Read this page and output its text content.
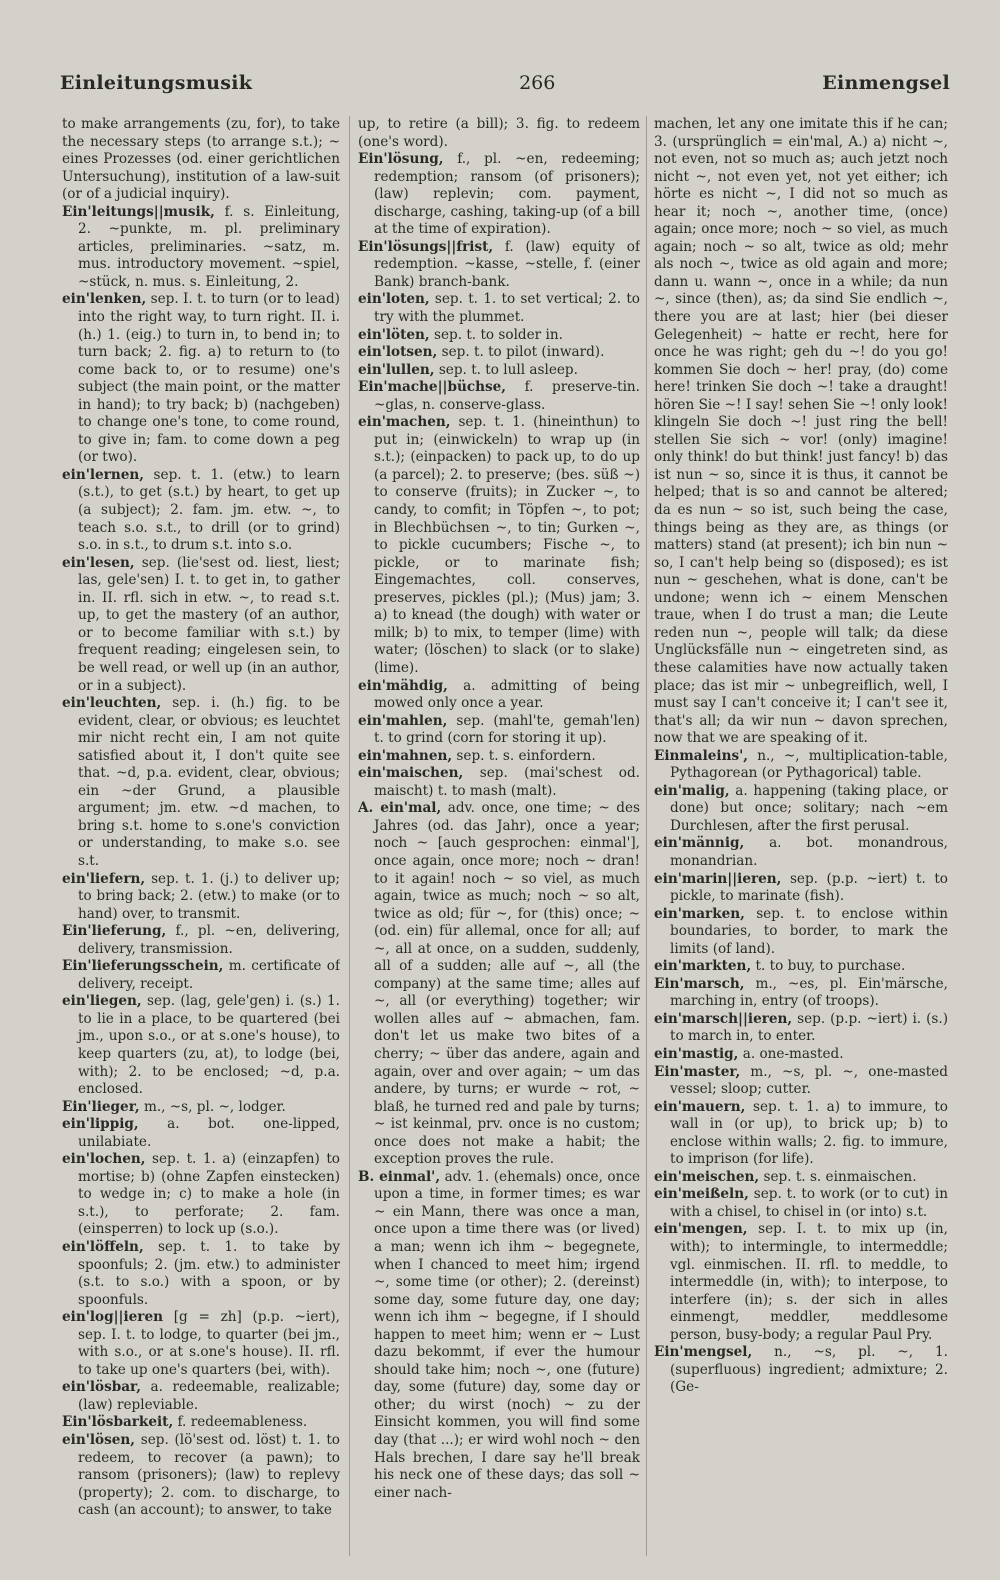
Einleitungsmusik	266	Einmengsel

to make arrangements (zu, for), to take the necessary steps (to arrange s.t.); ~ eines Prozesses (od. einer gerichtlichen Untersuchung), institution of a law-suit (or of a judicial inquiry).

Ein'leitungs||musik, f. s. Einleitung, 2. ~punkte, m. pl. preliminary articles, preliminaries. ~satz, m. mus. introductory movement. ~spiel, ~stück, n. mus. s. Einleitung, 2.

ein'lenken, sep. I. t. to turn (or to lead) into the right way, to turn right. II. i. (h.) 1. (eig.) to turn in, to bend in; to turn back; 2. fig. a) to return to (to come back to, or to resume) one's subject (the main point, or the matter in hand); to try back; b) (nachgeben) to change one's tone, to come round, to give in; fam. to come down a peg (or two).

ein'lernen, sep. t. 1. (etw.) to learn (s.t.), to get (s.t.) by heart, to get up (a subject); 2. fam. jm. etw. ~, to teach s.o. s.t., to drill (or to grind) s.o. in s.t., to drum s.t. into s.o.

ein'lesen, sep. (lie'sest od. liest, liest; las, gele'sen) I. t. to get in, to gather in. II. rfl. sich in etw. ~, to read s.t. up, to get the mastery (of an author, or to become familiar with s.t.) by frequent reading; eingelesen sein, to be well read, or well up (in an author, or in a subject).

ein'leuchten, sep. i. (h.) fig. to be evident, clear, or obvious; es leuchtet mir nicht recht ein, I am not quite satisfied about it, I don't quite see that. ~d, p.a. evident, clear, obvious; ein ~der Grund, a plausible argument; jm. etw. ~d machen, to bring s.t. home to s.one's conviction or understanding, to make s.o. see s.t.

ein'liefern, sep. t. 1. (j.) to deliver up; to bring back; 2. (etw.) to make (or to hand) over, to transmit.

Ein'lieferung, f., pl. ~en, delivering, delivery, transmission.

Ein'lieferungsschein, m. certificate of delivery, receipt.

ein'liegen, sep. (lag, gele'gen) i. (s.) 1. to lie in a place, to be quartered (bei jm., upon s.o., or at s.one's house), to keep quarters (zu, at), to lodge (bei, with); 2. to be enclosed; ~d, p.a. enclosed.

Ein'lieger, m., ~s, pl. ~, lodger.

ein'lippig, a. bot. one-lipped, unilabiate.

ein'lochen, sep. t. 1. a) (einzapfen) to mortise; b) (ohne Zapfen einstecken) to wedge in; c) to make a hole (in s.t.), to perforate; 2. fam. (einsperren) to lock up (s.o.).

ein'löffeln, sep. t. 1. to take by spoonfuls; 2. (jm. etw.) to administer (s.t. to s.o.) with a spoon, or by spoonfuls.

ein'log||ieren [g = zh] (p.p. ~iert), sep. I. t. to lodge, to quarter (bei jm., with s.o., or at s.one's house). II. rfl. to take up one's quarters (bei, with).

ein'lösbar, a. redeemable, realizable; (law) repleviable.

Ein'lösbarkeit, f. redeemableness.

ein'lösen, sep. (lö'sest od. löst) t. 1. to redeem, to recover (a pawn); to ransom (prisoners); (law) to replevy (property); 2. com. to discharge, to cash (an account); to answer, to take

up, to retire (a bill); 3. fig. to redeem (one's word).

Ein'lösung, f., pl. ~en, redeeming; redemption; ransom (of prisoners); (law) replevin; com. payment, discharge, cashing, taking-up (of a bill at the time of expiration).

Ein'lösungs||frist, f. (law) equity of redemption. ~kasse, ~stelle, f. (einer Bank) branch-bank.

ein'loten, sep. t. 1. to set vertical; 2. to try with the plummet.

ein'löten, sep. t. to solder in.

ein'lotsen, sep. t. to pilot (inward).

ein'lullen, sep. t. to lull asleep.

Ein'mache||büchse, f. preserve-tin. ~glas, n. conserve-glass.

ein'machen, sep. t. 1. (hineinthun) to put in; (einwickeln) to wrap up (in s.t.); (einpacken) to pack up, to do up (a parcel); 2. to preserve; (bes. süß ~) to conserve (fruits); in Zucker ~, to candy, to comfit; in Töpfen ~, to pot; in Blechbüchsen ~, to tin; Gurken ~, to pickle cucumbers; Fische ~, to pickle, or to marinate fish; Eingemachtes, coll. conserves, preserves, pickles (pl.); (Mus) jam; 3. a) to knead (the dough) with water or milk; b) to mix, to temper (lime) with water; (löschen) to slack (or to slake) (lime).

ein'mähdig, a. admitting of being mowed only once a year.

ein'mahlen, sep. (mahl'te, gemah'len) t. to grind (corn for storing it up).

ein'mahnen, sep. t. s. einfordern.

ein'maischen, sep. (mai'schest od. maischt) t. to mash (malt).

A. ein'mal, adv. once, one time; ~ des Jahres (od. das Jahr), once a year; noch ~ [auch gesprochen: einmal'], once again, once more; noch ~ dran! to it again! noch ~ so viel, as much again, twice as much; noch ~ so alt, twice as old; für ~, for (this) once; ~ (od. ein) für allemal, once for all; auf ~, all at once, on a sudden, suddenly, all of a sudden; alle auf ~, all (the company) at the same time; alles auf ~, all (or everything) together; wir wollen alles auf ~ abmachen, fam. don't let us make two bites of a cherry; ~ über das andere, again and again, over and over again; ~ um das andere, by turns; er wurde ~ rot, ~ blaß, he turned red and pale by turns; ~ ist keinmal, prv. once is no custom; once does not make a habit; the exception proves the rule.

B. einmal', adv. 1. (ehemals) once, once upon a time, in former times; es war ~ ein Mann, there was once a man, once upon a time there was (or lived) a man; wenn ich ihm ~ begegnete, when I chanced to meet him; irgend ~, some time (or other); 2. (dereinst) some day, some future day, one day; wenn ich ihm ~ begegne, if I should happen to meet him; wenn er ~ Lust dazu bekommt, if ever the humour should take him; noch ~, one (future) day, some (future) day, some day or other; du wirst (noch) ~ zu der Einsicht kommen, you will find some day (that ...); er wird wohl noch ~ den Hals brechen, I dare say he'll break his neck one of these days; das soll ~ einer nach-

machen, let any one imitate this if he can; 3. (ursprünglich = ein'mal, A.) a) nicht ~, not even, not so much as; auch jetzt noch nicht ~, not even yet, not yet either; ich hörte es nicht ~, I did not so much as hear it; noch ~, another time, (once) again; once more; noch ~ so viel, as much again; noch ~ so alt, twice as old; mehr als noch ~, twice as old again and more; dann u. wann ~, once in a while; da nun ~, since (then), as; da sind Sie endlich ~, there you are at last; hier (bei dieser Gelegenheit) ~ hatte er recht, here for once he was right; geh du ~! do you go! kommen Sie doch ~ her! pray, (do) come here! trinken Sie doch ~! take a draught! hören Sie ~! I say! sehen Sie ~! only look! klingeln Sie doch ~! just ring the bell! stellen Sie sich ~ vor! (only) imagine! only think! do but think! just fancy! b) das ist nun ~ so, since it is thus, it cannot be helped; that is so and cannot be altered; da es nun ~ so ist, such being the case, things being as they are, as things (or matters) stand (at present); ich bin nun ~ so, I can't help being so (disposed); es ist nun ~ geschehen, what is done, can't be undone; wenn ich ~ einem Menschen traue, when I do trust a man; die Leute reden nun ~, people will talk; da diese Unglücksfälle nun ~ eingetreten sind, as these calamities have now actually taken place; das ist mir ~ unbegreiflich, well, I must say I can't conceive it; I can't see it, that's all; da wir nun ~ davon sprechen, now that we are speaking of it.

Einmaleins', n., ~, multiplication-table, Pythagorean (or Pythagorical) table.

ein'malig, a. happening (taking place, or done) but once; solitary; nach ~em Durchlesen, after the first perusal.

ein'männig, a. bot. monandrous, monandrian.

ein'marin||ieren, sep. (p.p. ~iert) t. to pickle, to marinate (fish).

ein'marken, sep. t. to enclose within boundaries, to border, to mark the limits (of land).

ein'markten, t. to buy, to purchase.

Ein'marsch, m., ~es, pl. Ein'märsche, marching in, entry (of troops).

ein'marsch||ieren, sep. (p.p. ~iert) i. (s.) to march in, to enter.

ein'mastig, a. one-masted.

Ein'master, m., ~s, pl. ~, one-masted vessel; sloop; cutter.

ein'mauern, sep. t. 1. a) to immure, to wall in (or up), to brick up; b) to enclose within walls; 2. fig. to immure, to imprison (for life).

ein'meischen, sep. t. s. einmaischen.

ein'meißeln, sep. t. to work (or to cut) in with a chisel, to chisel in (or into) s.t.

ein'mengen, sep. I. t. to mix up (in, with); to intermingle, to intermeddle; vgl. einmischen. II. rfl. to meddle, to intermeddle (in, with); to interpose, to interfere (in); s. der sich in alles einmengt, meddler, meddlesome person, busy-body; a regular Paul Pry.

Ein'mengsel, n., ~s, pl. ~, 1. (superfluous) ingredient; admixture; 2. (Ge-
